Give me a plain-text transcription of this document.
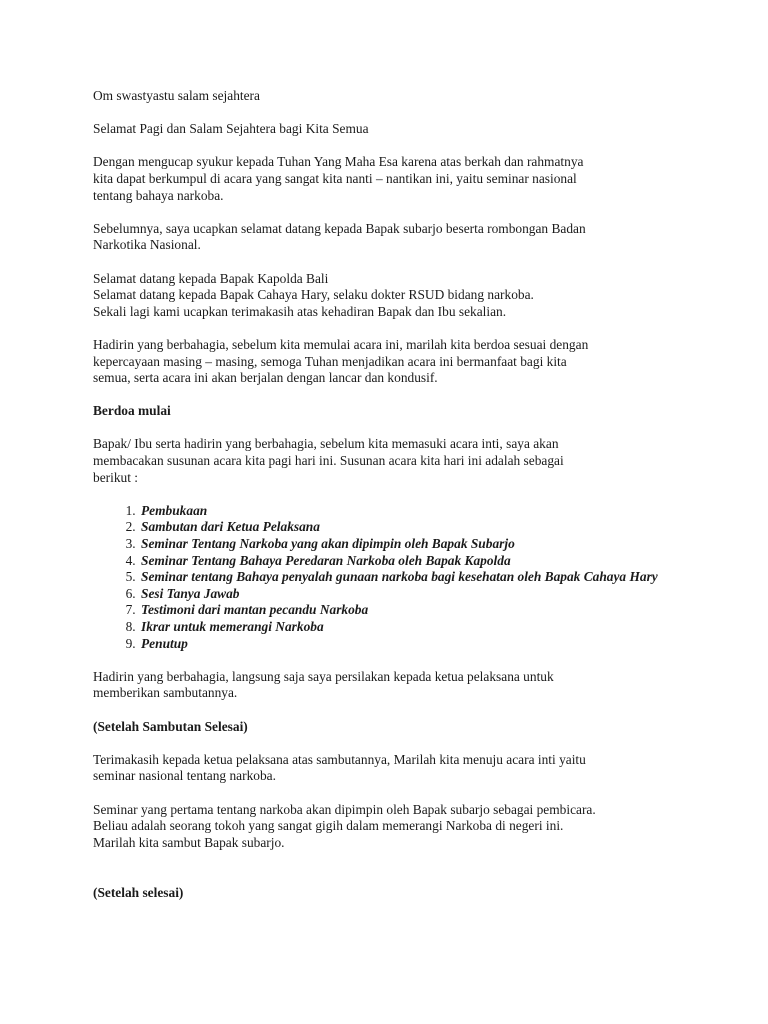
Om swastyastu salam sejahtera

Selamat Pagi dan Salam Sejahtera bagi Kita Semua

Dengan mengucap syukur kepada Tuhan Yang Maha Esa karena atas berkah dan rahmatnya
kita dapat berkumpul di acara yang sangat kita nanti – nantikan ini, yaitu seminar nasional
tentang bahaya narkoba.

Sebelumnya, saya ucapkan selamat datang kepada Bapak subarjo beserta rombongan Badan
Narkotika Nasional.

Selamat datang kepada Bapak Kapolda Bali
Selamat datang kepada Bapak Cahaya Hary, selaku dokter RSUD bidang narkoba.
Sekali lagi kami ucapkan terimakasih atas kehadiran Bapak dan Ibu sekalian.

Hadirin yang berbahagia, sebelum kita memulai acara ini, marilah kita berdoa sesuai dengan
kepercayaan masing – masing, semoga Tuhan menjadikan acara ini bermanfaat bagi kita
semua, serta acara ini akan berjalan dengan lancar dan kondusif.

Berdoa mulai

Bapak/ Ibu serta hadirin yang berbahagia, sebelum kita memasuki acara inti, saya akan
membacakan susunan acara kita pagi hari ini. Susunan acara kita hari ini adalah sebagai
berikut :

1. Pembukaan
2. Sambutan dari Ketua Pelaksana
3. Seminar Tentang Narkoba yang akan dipimpin oleh Bapak Subarjo
4. Seminar Tentang Bahaya Peredaran Narkoba oleh Bapak Kapolda
5. Seminar tentang Bahaya penyalah gunaan narkoba bagi kesehatan oleh Bapak Cahaya Hary
6. Sesi Tanya Jawab
7. Testimoni dari mantan pecandu Narkoba
8. Ikrar untuk memerangi Narkoba
9. Penutup

Hadirin yang berbahagia, langsung saja saya persilakan kepada ketua pelaksana untuk
memberikan sambutannya.

(Setelah Sambutan Selesai)

Terimakasih kepada ketua pelaksana atas sambutannya, Marilah kita menuju acara inti yaitu
seminar nasional tentang narkoba.

Seminar yang pertama tentang narkoba akan dipimpin oleh Bapak subarjo sebagai pembicara.
Beliau adalah seorang tokoh yang sangat gigih dalam memerangi Narkoba di negeri ini.
Marilah kita sambut Bapak subarjo.

(Setelah selesai)
